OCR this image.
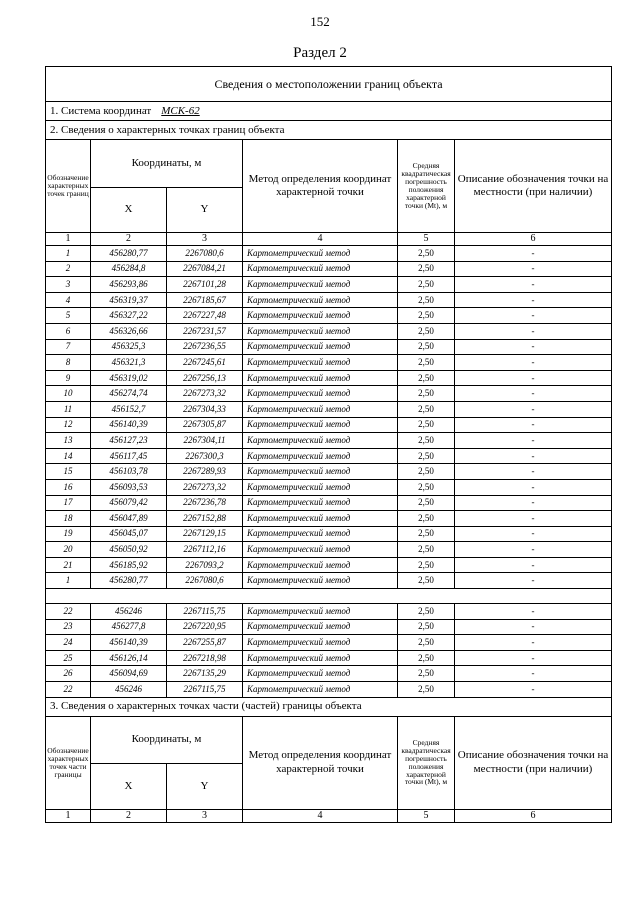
152
Раздел 2
Сведения о местоположении границ объекта					
1. Система координат МСК-62					
2. Сведения о характерных точках границ объекта					
Обозначение характерных точек границ	Координаты, м		Метод определения координат характерной точки	Средняя квадратическая погрешность положения характерной точки (Mt), м	Описание обозначения точки на местности (при наличии)
	X	Y			
1	2	3	4	5	6
1	456280,77	2267080,6	Картометрический метод	2,50	-
2	456284,8	2267084,21	Картометрический метод	2,50	-
3	456293,86	2267101,28	Картометрический метод	2,50	-
4	456319,37	2267185,67	Картометрический метод	2,50	-
5	456327,22	2267227,48	Картометрический метод	2,50	-
6	456326,66	2267231,57	Картометрический метод	2,50	-
7	456325,3	2267236,55	Картометрический метод	2,50	-
8	456321,3	2267245,61	Картометрический метод	2,50	-
9	456319,02	2267256,13	Картометрический метод	2,50	-
10	456274,74	2267273,32	Картометрический метод	2,50	-
11	456152,7	2267304,33	Картометрический метод	2,50	-
12	456140,39	2267305,87	Картометрический метод	2,50	-
13	456127,23	2267304,11	Картометрический метод	2,50	-
14	456117,45	2267300,3	Картометрический метод	2,50	-
15	456103,78	2267289,93	Картометрический метод	2,50	-
16	456093,53	2267273,32	Картометрический метод	2,50	-
17	456079,42	2267236,78	Картометрический метод	2,50	-
18	456047,89	2267152,88	Картометрический метод	2,50	-
19	456045,07	2267129,15	Картометрический метод	2,50	-
20	456050,92	2267112,16	Картометрический метод	2,50	-
21	456185,92	2267093,2	Картометрический метод	2,50	-
1	456280,77	2267080,6	Картометрический метод	2,50	-

22	456246	2267115,75	Картометрический метод	2,50	-
23	456277,8	2267220,95	Картометрический метод	2,50	-
24	456140,39	2267255,87	Картометрический метод	2,50	-
25	456126,14	2267218,98	Картометрический метод	2,50	-
26	456094,69	2267135,29	Картометрический метод	2,50	-
22	456246	2267115,75	Картометрический метод	2,50	-
3. Сведения о характерных точках части (частей) границы объекта					
Обозначение характерных точек части границы	Координаты, м		Метод определения координат характерной точки	Средняя квадратическая погрешность положения характерной точки (Mt), м	Описание обозначения точки на местности (при наличии)
	X	Y			
1	2	3	4	5	6
